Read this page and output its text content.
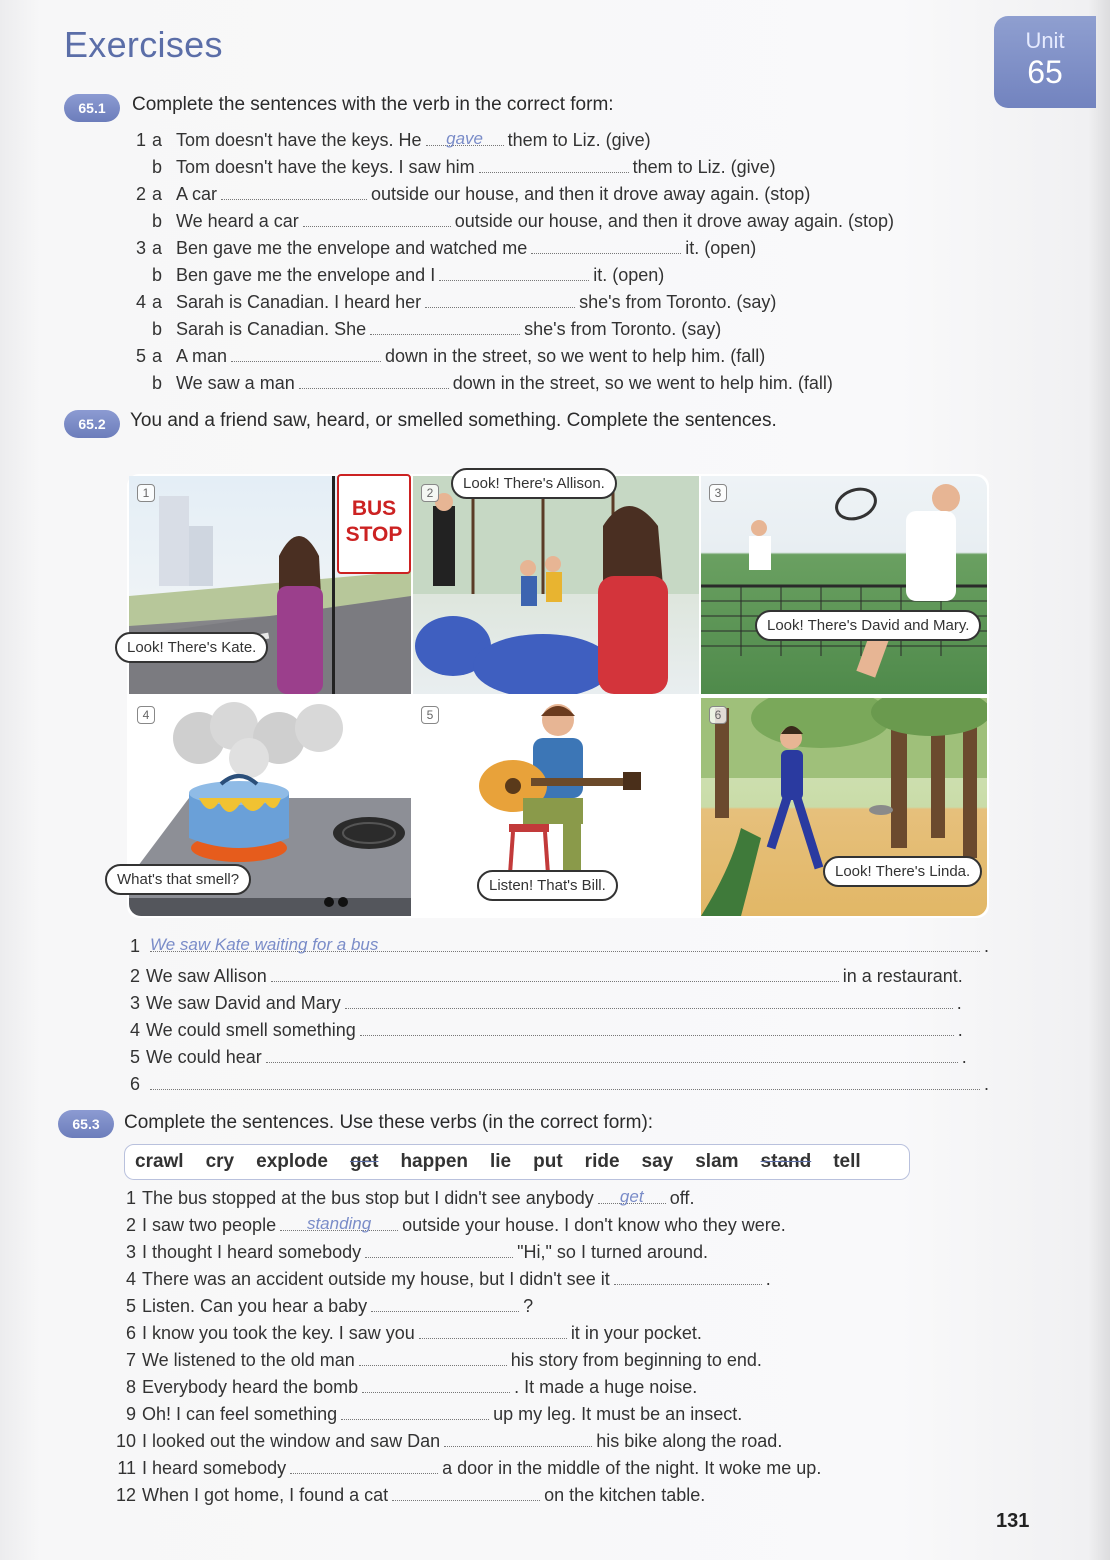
Exercises	Unit
65
65.1	Complete the sentences with the verb in the correct form:
1 a Tom doesn't have the keys. He gave them to Liz. (give)
b Tom doesn't have the keys. I saw him	them to Liz. (give)
2 a A car	outside our house, and then it drove away again. (stop)
b We heard a car	outside our house, and then it drove away again. (stop)
3 a Ben gave me the envelope and watched me	it. (open)
b Ben gave me the envelope and I	it. (open)
4 a Sarah is Canadian. I heard her	she's from Toronto. (say)
b Sarah is Canadian. She	she's from Toronto. (say)
5 a A man	down in the street, so we went to help him. (fall)
b We saw a man	down in the street, so we went to help him. (fall)
65.2	You and a friend saw, heard, or smelled something. Complete the sentences.
1
BUS STOP
2	3
4	5	6
Look! There's Kate.
Look! There's Allison.
Look! There's David and Mary.
What's that smell?	Listen! That's Bill.
Look! There's Linda.
1 We saw Kate waiting for a bus	.
2 We saw Allison	in a restaurant.
3 We saw David and Mary	.
4 We could smell something	.
5 We could hear	.
6	.
65.3	Complete the sentences. Use these verbs (in the correct form):
crawl cry explode get happen lie put ride say slam stand tell
1 The bus stopped at the bus stop but I didn't see anybody get off.
2 I saw two people standing outside your house. I don't know who they were.
3 I thought I heard somebody	"Hi," so I turned around.
4 There was an accident outside my house, but I didn't see it	.
5 Listen. Can you hear a baby	?
6 I know you took the key. I saw you	it in your pocket.
7 We listened to the old man	his story from beginning to end.
8 Everybody heard the bomb	. It made a huge noise.
9 Oh! I can feel something	up my leg. It must be an insect.
10 I looked out the window and saw Dan	his bike along the road.
11 I heard somebody	a door in the middle of the night. It woke me up.
12 When I got home, I found a cat	on the kitchen table.
131
